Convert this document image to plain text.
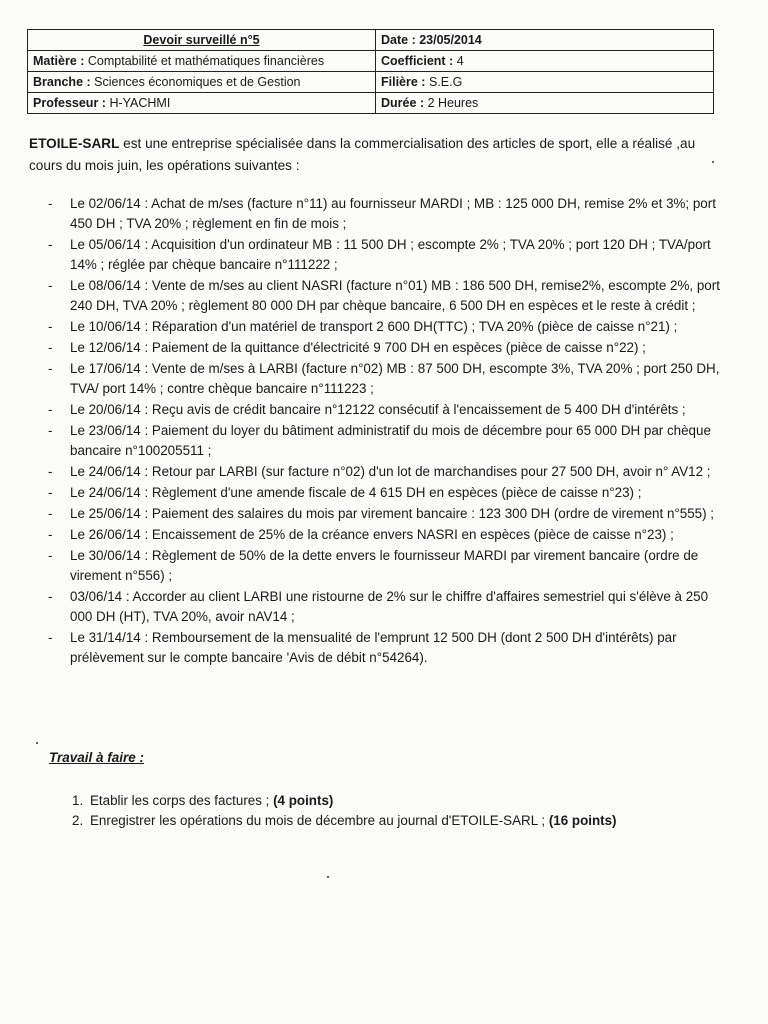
Devoir surveillé n°5	Date : 23/05/2014
Matière : Comptabilité et mathématiques financières	Coefficient : 4
Branche : Sciences économiques et de Gestion	Filière : S.E.G
Professeur : H-YACHMI	Durée : 2 Heures
ETOILE-SARL est une entreprise spécialisée dans la commercialisation des articles de sport, elle a réalisé ,au
cours du mois juin, les opérations suivantes :
- Le 02/06/14 : Achat de m/ses (facture n°11) au fournisseur MARDI ; MB : 125 000 DH, remise 2% et 3%; port 450 DH ; TVA 20% ; règlement en fin de mois ;
- Le 05/06/14 : Acquisition d'un ordinateur MB : 11 500 DH ; escompte 2% ; TVA 20% ; port 120 DH ; TVA/port 14% ; réglée par chèque bancaire n°111222 ;
- Le 08/06/14 : Vente de m/ses au client NASRI (facture n°01) MB : 186 500 DH, remise2%, escompte 2%, port 240 DH, TVA 20% ; règlement 80 000 DH par chèque bancaire, 6 500 DH en espèces et le reste à crédit ;
- Le 10/06/14 : Réparation d'un matériel de transport 2 600 DH(TTC) ; TVA 20% (pièce de caisse n°21) ;
- Le 12/06/14 : Paiement de la quittance d'électricité 9 700 DH en espèces (pièce de caisse n°22) ;
- Le 17/06/14 : Vente de m/ses à LARBI (facture n°02) MB : 87 500 DH, escompte 3%, TVA 20% ; port 250 DH, TVA/ port 14% ; contre chèque bancaire n°111223 ;
- Le 20/06/14 : Reçu avis de crédit bancaire n°12122 consécutif à l'encaissement de 5 400 DH d'intérêts ;
- Le 23/06/14 : Paiement du loyer du bâtiment administratif du mois de décembre pour 65 000 DH par chèque bancaire n°100205511 ;
- Le 24/06/14 : Retour par LARBI (sur facture n°02) d'un lot de marchandises pour 27 500 DH, avoir n° AV12 ;
- Le 24/06/14 : Règlement d'une amende fiscale de 4 615 DH en espèces (pièce de caisse n°23) ;
- Le 25/06/14 : Paiement des salaires du mois par virement bancaire : 123 300 DH (ordre de virement n°555) ;
- Le 26/06/14 : Encaissement de 25% de la créance envers NASRI en espèces (pièce de caisse n°23) ;
- Le 30/06/14 : Règlement de 50% de la dette envers le fournisseur MARDI par virement bancaire (ordre de virement n°556) ;
- 03/06/14 : Accorder au client LARBI une ristourne de 2% sur le chiffre d'affaires semestriel qui s'élève à 250 000 DH (HT), TVA 20%, avoir nAV14 ;
- Le 31/14/14 : Remboursement de la mensualité de l'emprunt 12 500 DH (dont 2 500 DH d'intérêts) par prélèvement sur le compte bancaire 'Avis de débit n°54264).
Travail à faire :
1. Etablir les corps des factures ; (4 points)
2. Enregistrer les opérations du mois de décembre au journal d'ETOILE-SARL ; (16 points)
